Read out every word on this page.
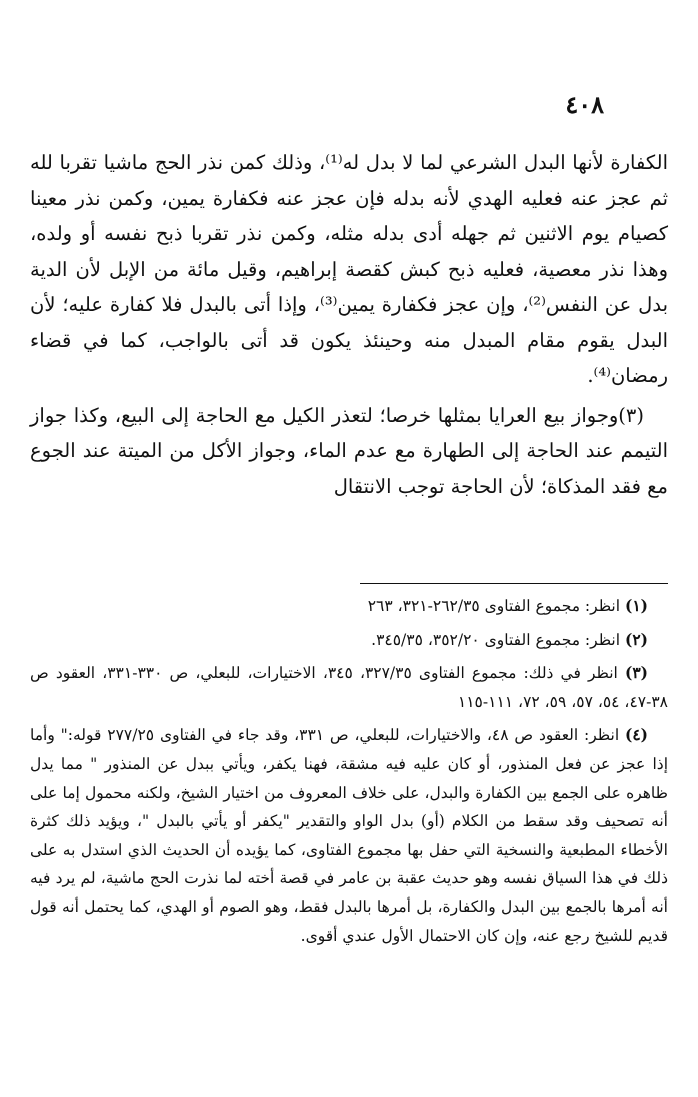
٤٠٨

الكفارة لأنها البدل الشرعي لما لا بدل له⁽¹⁾، وذلك كمن نذر الحج ماشيا تقربا لله ثم عجز عنه فعليه الهدي لأنه بدله فإن عجز عنه فكفارة يمين، وكمن نذر معينا كصيام يوم الاثنين ثم جهله أدى بدله مثله، وكمن نذر تقربا ذبح نفسه أو ولده، وهذا نذر معصية، فعليه ذبح كبش كقصة إبراهيم، وقيل مائة من الإبل لأن الدية بدل عن النفس⁽²⁾، وإن عجز فكفارة يمين⁽³⁾، وإذا أتى بالبدل فلا كفارة عليه؛ لأن البدل يقوم مقام المبدل منه وحينئذ يكون قد أتى بالواجب، كما في قضاء رمضان⁽⁴⁾.

(٣)وجواز بيع العرايا بمثلها خرصا؛ لتعذر الكيل مع الحاجة إلى البيع، وكذا جواز التيمم عند الحاجة إلى الطهارة مع عدم الماء، وجواز الأكل من الميتة عند الجوع مع فقد المذكاة؛ لأن الحاجة توجب الانتقال

(١) انظر: مجموع الفتاوى ٢٦٢/٣٥-٣٢١، ٢٦٣

(٢) انظر: مجموع الفتاوى ٣٥٢/٢٠، ٣٤٥/٣٥.

(٣) انظر في ذلك: مجموع الفتاوى ٣٢٧/٣٥، ٣٤٥، الاختيارات، للبعلي، ص ٣٣٠-٣٣١، العقود ص ٣٨-٤٧، ٥٤، ٥٧، ٥٩، ٧٢، ١١١-١١٥

(٤) انظر: العقود ص ٤٨، والاختيارات، للبعلي، ص ٣٣١، وقد جاء في الفتاوى ٢٧٧/٢٥ قوله:" وأما إذا عجز عن فعل المنذور، أو كان عليه فيه مشقة، فهنا يكفر، ويأتي ببدل عن المنذور " مما يدل ظاهره على الجمع بين الكفارة والبدل، على خلاف المعروف من اختيار الشيخ، ولكنه محمول إما على أنه تصحيف وقد سقط من الكلام (أو) بدل الواو والتقدير "يكفر أو يأتي بالبدل "، ويؤيد ذلك كثرة الأخطاء المطبعية والنسخية التي حفل بها مجموع الفتاوى، كما يؤيده أن الحديث الذي استدل به على ذلك في هذا السياق نفسه وهو حديث عقبة بن عامر في قصة أخته لما نذرت الحج ماشية، لم يرد فيه أنه أمرها بالجمع بين البدل والكفارة، بل أمرها بالبدل فقط، وهو الصوم أو الهدي، كما يحتمل أنه قول قديم للشيخ رجع عنه، وإن كان الاحتمال الأول عندي أقوى.
